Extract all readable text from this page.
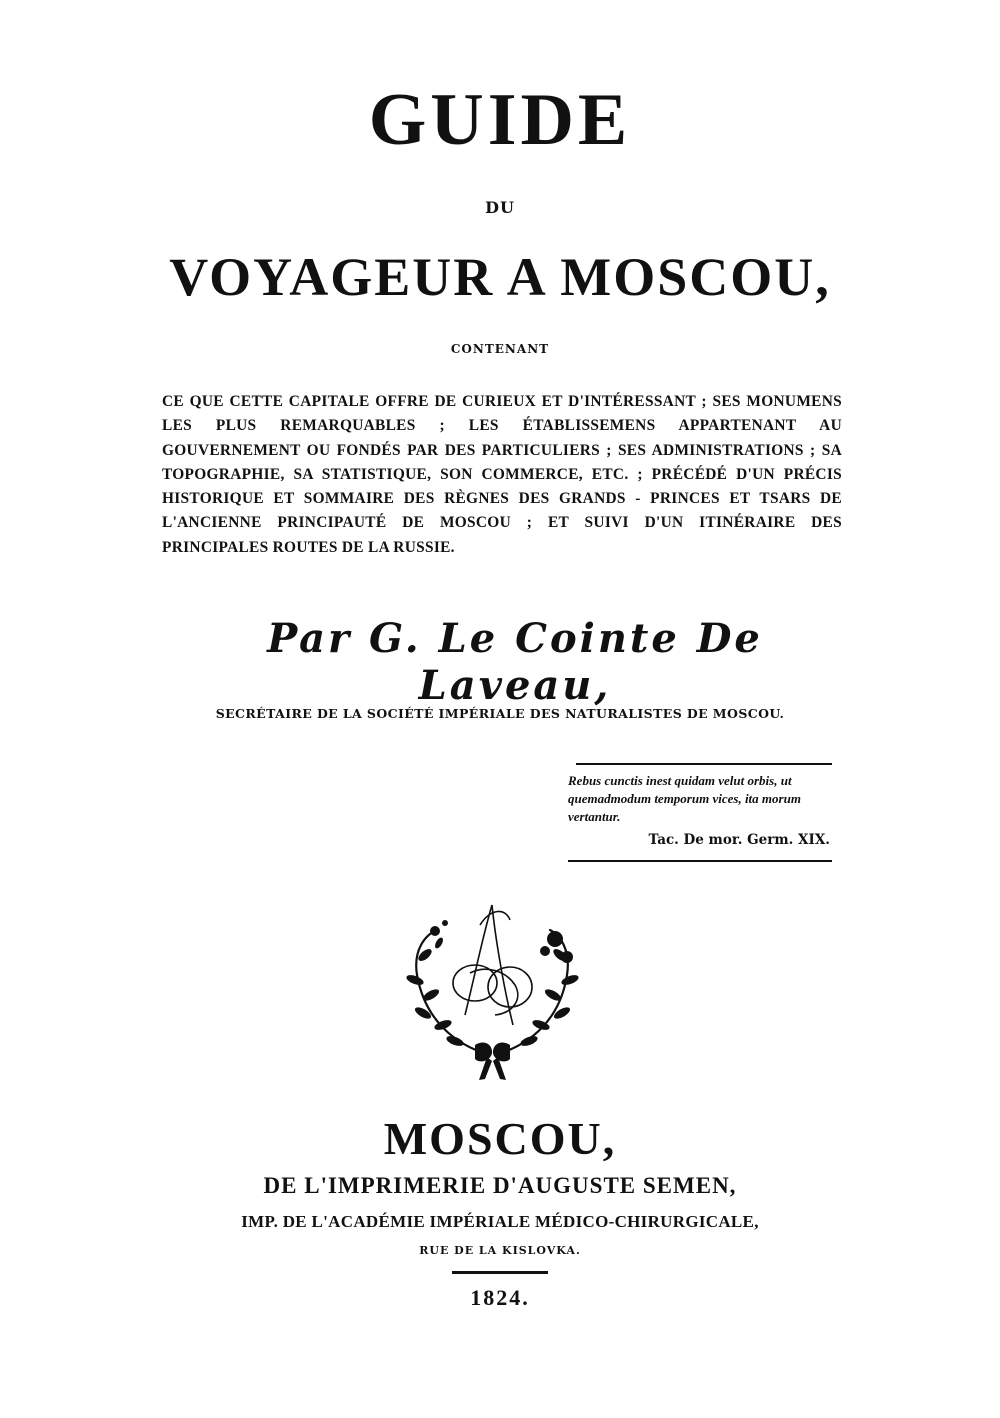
GUIDE
DU
VOYAGEUR A MOSCOU,
CONTENANT
CE QUE CETTE CAPITALE OFFRE DE CURIEUX ET D'INTÉRESSANT ; SES MONUMENS LES PLUS REMARQUABLES ; LES ÉTABLISSEMENS APPARTENANT AU GOUVERNEMENT OU FONDÉS PAR DES PARTICULIERS ; SES ADMINISTRATIONS ; SA TOPOGRAPHIE, SA STATISTIQUE, SON COMMERCE, ETC. ; PRÉCÉDÉ D'UN PRÉCIS HISTORIQUE ET SOMMAIRE DES RÈGNES DES GRANDS - PRINCES ET TSARS DE L'ANCIENNE PRINCIPAUTÉ DE MOSCOU ; ET SUIVI D'UN ITINÉRAIRE DES PRINCIPALES ROUTES DE LA RUSSIE.
Par G. Le Cointe De Laveau,
SECRÉTAIRE DE LA SOCIÉTÉ IMPÉRIALE DES NATURALISTES DE MOSCOU.
Rebus cunctis inest quidam velut orbis, ut quemadmodum temporum vices, ita morum vertantur.
Tac. De mor. Germ. XIX.
MOSCOU,
DE L'IMPRIMERIE D'AUGUSTE SEMEN,
IMP. DE L'ACADÉMIE IMPÉRIALE MÉDICO-CHIRURGICALE,
RUE DE LA KISLOVKA.
1824.
